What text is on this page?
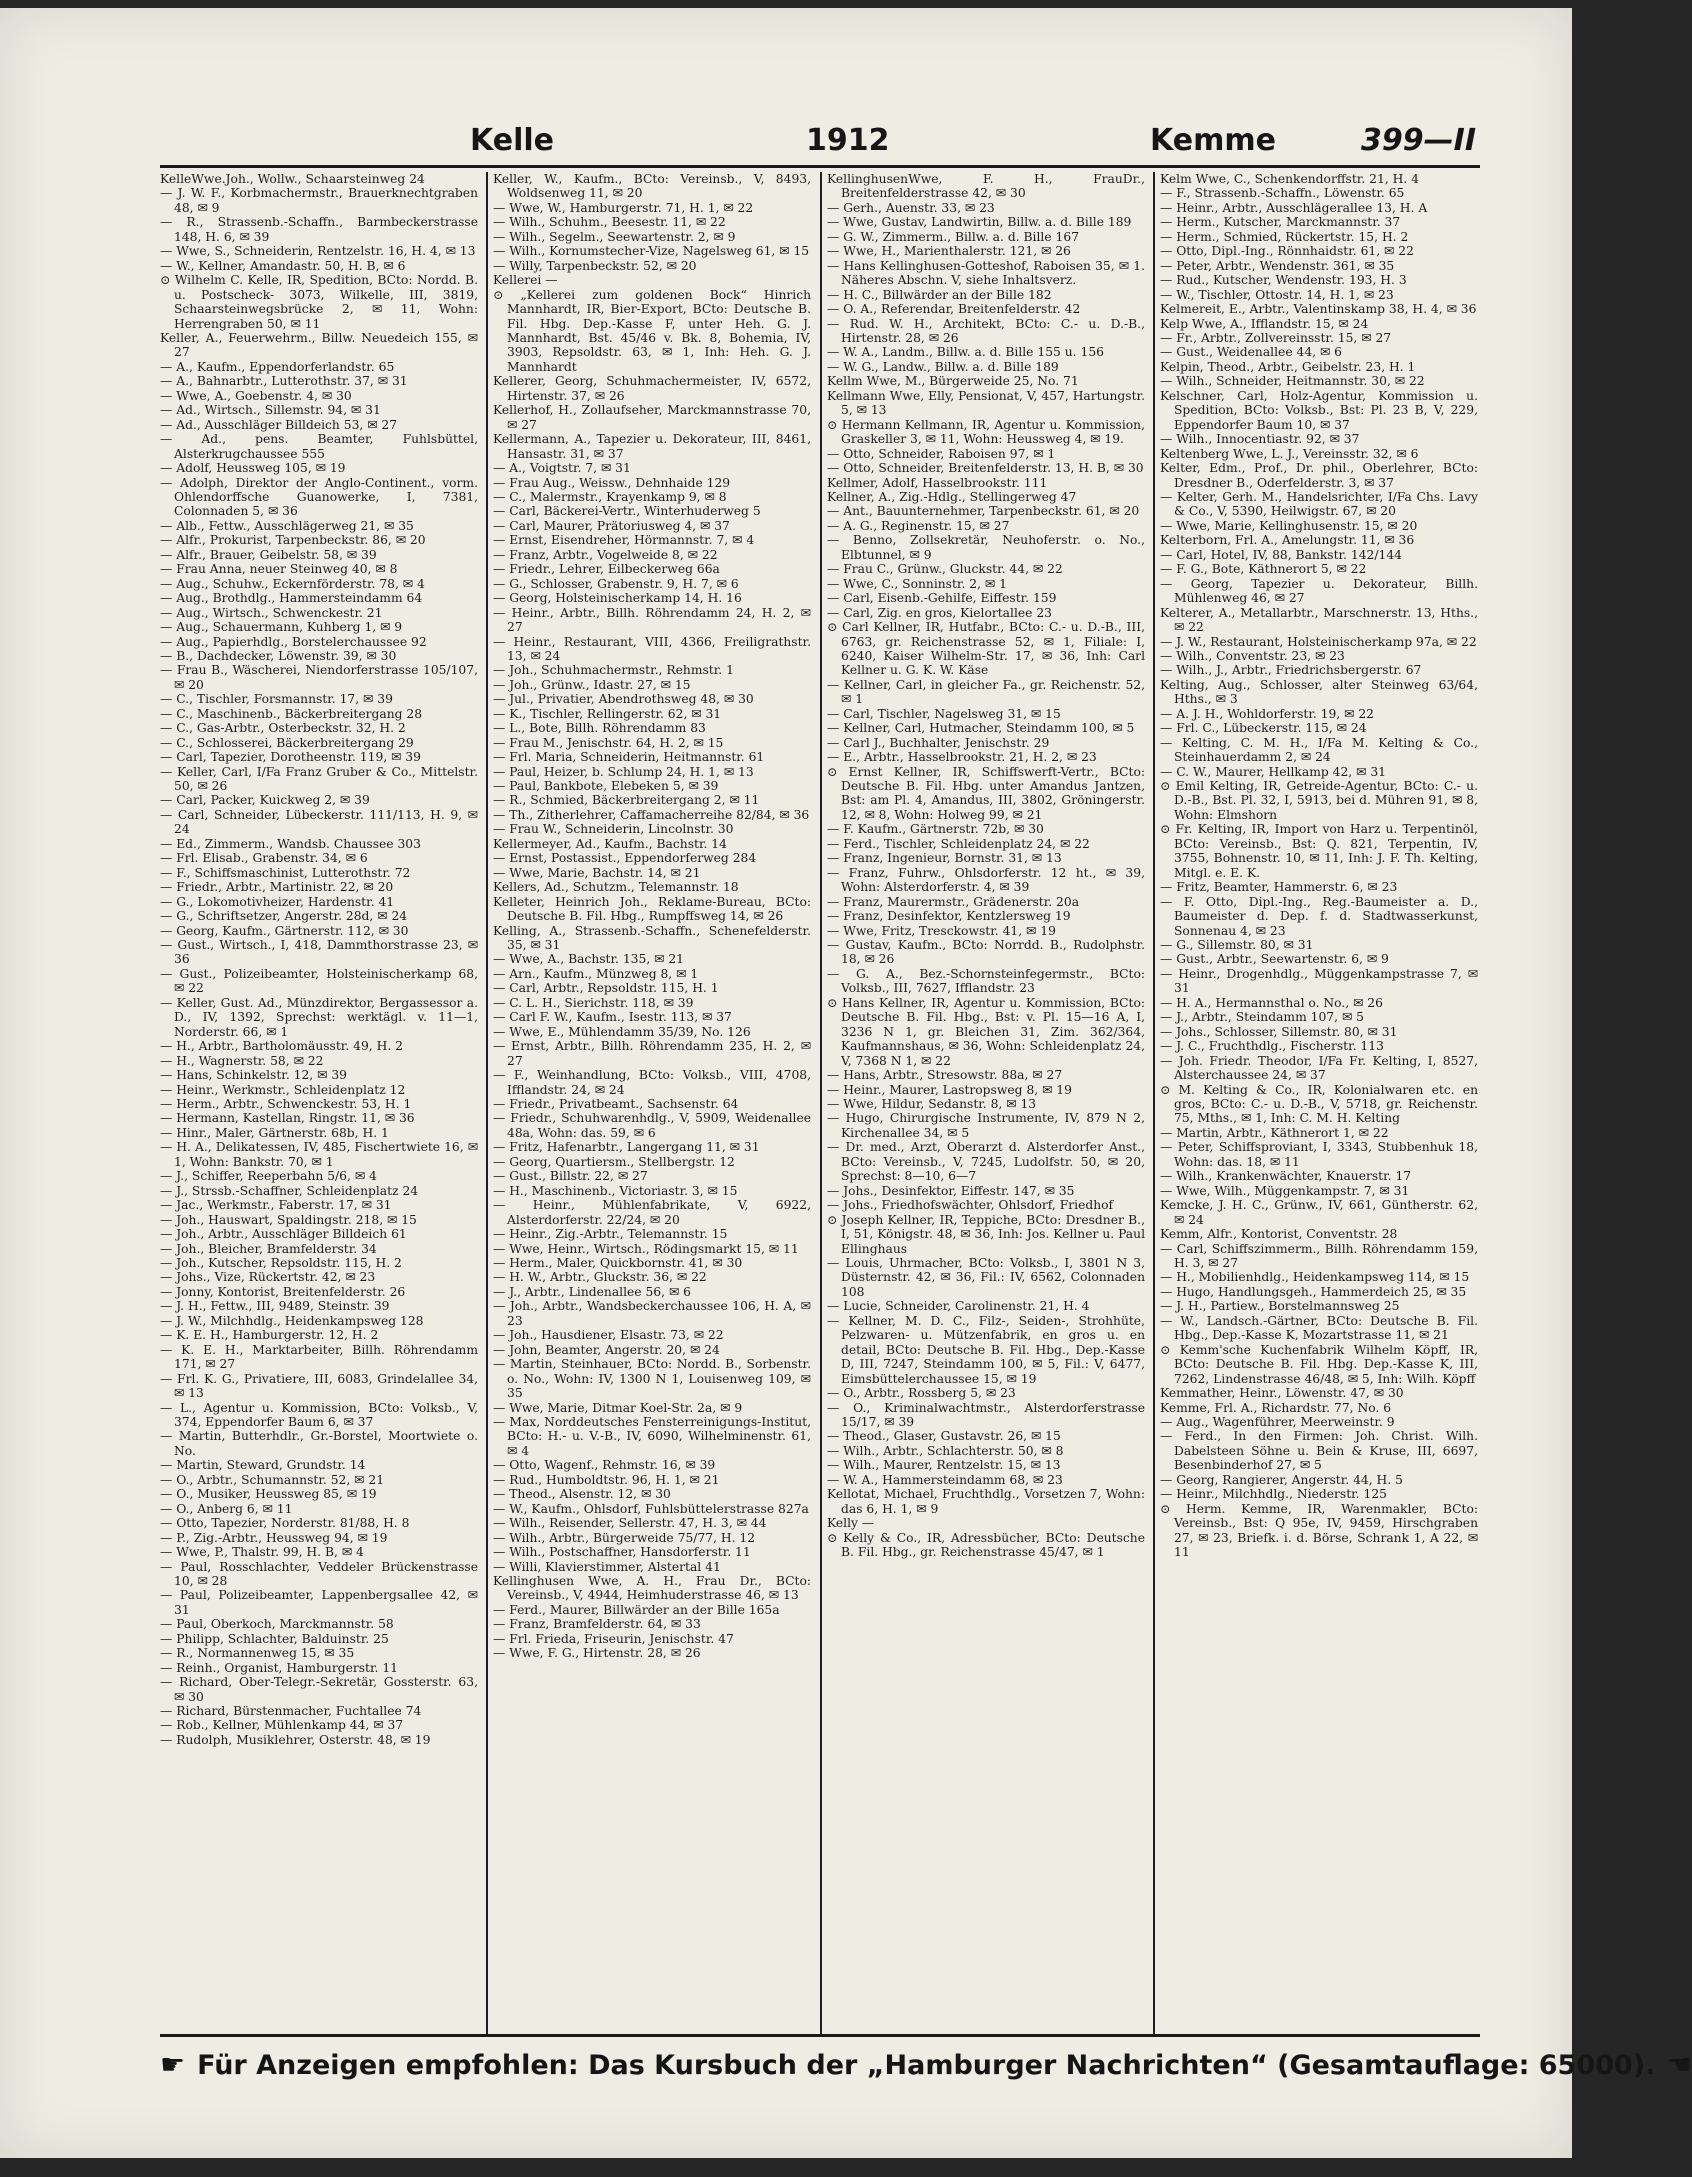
Kelle	1912	Kemme	399—II

KelleWwe.Joh., Wollw., Schaarsteinweg 24

— J. W. F., Korbmachermstr., Brauerknechtgraben 48, ✉ 9

— R., Strassenb.-Schaffn., Barmbeckerstrasse 148, H. 6, ✉ 39

— Wwe, S., Schneiderin, Rentzelstr. 16, H. 4, ✉ 13

— W., Kellner, Amandastr. 50, H. B, ✉ 6

⊙ Wilhelm C. Kelle, IR, Spedition, BCto: Nordd. B. u. Postscheck- 3073, Wilkelle, III, 3819, Schaarsteinwegsbrücke 2, ✉ 11, Wohn: Herrengraben 50, ✉ 11

Keller, A., Feuerwehrm., Billw. Neuedeich 155, ✉ 27

— A., Kaufm., Eppendorferlandstr. 65

— A., Bahnarbtr., Lutterothstr. 37, ✉ 31

— Wwe, A., Goebenstr. 4, ✉ 30

— Ad., Wirtsch., Sillemstr. 94, ✉ 31

— Ad., Ausschläger Billdeich 53, ✉ 27

— Ad., pens. Beamter, Fuhlsbüttel, Alsterkrugchaussee 555

— Adolf, Heussweg 105, ✉ 19

— Adolph, Direktor der Anglo-Continent., vorm. Ohlendorffsche Guanowerke, I, 7381, Colonnaden 5, ✉ 36

— Alb., Fettw., Ausschlägerweg 21, ✉ 35

— Alfr., Prokurist, Tarpenbeckstr. 86, ✉ 20

— Alfr., Brauer, Geibelstr. 58, ✉ 39

— Frau Anna, neuer Steinweg 40, ✉ 8

— Aug., Schuhw., Eckernförderstr. 78, ✉ 4

— Aug., Brothdlg., Hammersteindamm 64

— Aug., Wirtsch., Schwenckestr. 21

— Aug., Schauermann, Kuhberg 1, ✉ 9

— Aug., Papierhdlg., Borstelerchaussee 92

— B., Dachdecker, Löwenstr. 39, ✉ 30

— Frau B., Wäscherei, Niendorferstrasse 105/107, ✉ 20

— C., Tischler, Forsmannstr. 17, ✉ 39

— C., Maschinenb., Bäckerbreitergang 28

— C., Gas-Arbtr., Osterbeckstr. 32, H. 2

— C., Schlosserei, Bäckerbreitergang 29

— Carl, Tapezier, Dorotheenstr. 119, ✉ 39

— Keller, Carl, I/Fa Franz Gruber & Co., Mittelstr. 50, ✉ 26

— Carl, Packer, Kuickweg 2, ✉ 39

— Carl, Schneider, Lübeckerstr. 111/113, H. 9, ✉ 24

— Ed., Zimmerm., Wandsb. Chaussee 303

— Frl. Elisab., Grabenstr. 34, ✉ 6

— F., Schiffsmaschinist, Lutterothstr. 72

— Friedr., Arbtr., Martinistr. 22, ✉ 20

— G., Lokomotivheizer, Hardenstr. 41

— G., Schriftsetzer, Angerstr. 28d, ✉ 24

— Georg, Kaufm., Gärtnerstr. 112, ✉ 30

— Gust., Wirtsch., I, 418, Dammthorstrasse 23, ✉ 36

— Gust., Polizeibeamter, Holsteinischerkamp 68, ✉ 22

— Keller, Gust. Ad., Münzdirektor, Bergassessor a. D., IV, 1392, Sprechst: werktägl. v. 11—1, Norderstr. 66, ✉ 1

— H., Arbtr., Bartholomäusstr. 49, H. 2

— H., Wagnerstr. 58, ✉ 22

— Hans, Schinkelstr. 12, ✉ 39

— Heinr., Werkmstr., Schleidenplatz 12

— Herm., Arbtr., Schwenckestr. 53, H. 1

— Hermann, Kastellan, Ringstr. 11, ✉ 36

— Hinr., Maler, Gärtnerstr. 68b, H. 1

— H. A., Delikatessen, IV, 485, Fischertwiete 16, ✉ 1, Wohn: Bankstr. 70, ✉ 1

— J., Schiffer, Reeperbahn 5/6, ✉ 4

— J., Strssb.-Schaffner, Schleidenplatz 24

— Jac., Werkmstr., Faberstr. 17, ✉ 31

— Joh., Hauswart, Spaldingstr. 218, ✉ 15

— Joh., Arbtr., Ausschläger Billdeich 61

— Joh., Bleicher, Bramfelderstr. 34

— Joh., Kutscher, Repsoldstr. 115, H. 2

— Johs., Vize, Rückertstr. 42, ✉ 23

— Jonny, Kontorist, Breitenfelderstr. 26

— J. H., Fettw., III, 9489, Steinstr. 39

— J. W., Milchhdlg., Heidenkampsweg 128

— K. E. H., Hamburgerstr. 12, H. 2

— K. E. H., Marktarbeiter, Billh. Röhrendamm 171, ✉ 27

— Frl. K. G., Privatiere, III, 6083, Grindelallee 34, ✉ 13

— L., Agentur u. Kommission, BCto: Volksb., V, 374, Eppendorfer Baum 6, ✉ 37

— Martin, Butterhdlr., Gr.-Borstel, Moortwiete o. No.

— Martin, Steward, Grundstr. 14

— O., Arbtr., Schumannstr. 52, ✉ 21

— O., Musiker, Heussweg 85, ✉ 19

— O., Anberg 6, ✉ 11

— Otto, Tapezier, Norderstr. 81/88, H. 8

— P., Zig.-Arbtr., Heussweg 94, ✉ 19

— Wwe, P., Thalstr. 99, H. B, ✉ 4

— Paul, Rosschlachter, Veddeler Brückenstrasse 10, ✉ 28

— Paul, Polizeibeamter, Lappenbergsallee 42, ✉ 31

— Paul, Oberkoch, Marckmannstr. 58

— Philipp, Schlachter, Balduinstr. 25

— R., Normannenweg 15, ✉ 35

— Reinh., Organist, Hamburgerstr. 11

— Richard, Ober-Telegr.-Sekretär, Gossterstr. 63, ✉ 30

— Richard, Bürstenmacher, Fuchtallee 74

— Rob., Kellner, Mühlenkamp 44, ✉ 37

— Rudolph, Musiklehrer, Osterstr. 48, ✉ 19

Keller, W., Kaufm., BCto: Vereinsb., V, 8493, Woldsenweg 11, ✉ 20

— Wwe, W., Hamburgerstr. 71, H. 1, ✉ 22

— Wilh., Schuhm., Beesestr. 11, ✉ 22

— Wilh., Segelm., Seewartenstr. 2, ✉ 9

— Wilh., Kornumstecher-Vize, Nagelsweg 61, ✉ 15

— Willy, Tarpenbeckstr. 52, ✉ 20

Kellerei —

⊙ „Kellerei zum goldenen Bock“ Hinrich Mannhardt, IR, Bier-Export, BCto: Deutsche B. Fil. Hbg. Dep.-Kasse F, unter Heh. G. J. Mannhardt, Bst. 45/46 v. Bk. 8, Bohemia, IV, 3903, Repsoldstr. 63, ✉ 1, Inh: Heh. G. J. Mannhardt

Kellerer, Georg, Schuhmachermeister, IV, 6572, Hirtenstr. 37, ✉ 26

Kellerhof, H., Zollaufseher, Marckmannstrasse 70, ✉ 27

Kellermann, A., Tapezier u. Dekorateur, III, 8461, Hansastr. 31, ✉ 37

— A., Voigtstr. 7, ✉ 31

— Frau Aug., Weissw., Dehnhaide 129

— C., Malermstr., Krayenkamp 9, ✉ 8

— Carl, Bäckerei-Vertr., Winterhuderweg 5

— Carl, Maurer, Prätoriusweg 4, ✉ 37

— Ernst, Eisendreher, Hörmannstr. 7, ✉ 4

— Franz, Arbtr., Vogelweide 8, ✉ 22

— Friedr., Lehrer, Eilbeckerweg 66a

— G., Schlosser, Grabenstr. 9, H. 7, ✉ 6

— Georg, Holsteinischerkamp 14, H. 16

— Heinr., Arbtr., Billh. Röhrendamm 24, H. 2, ✉ 27

— Heinr., Restaurant, VIII, 4366, Freiligrathstr. 13, ✉ 24

— Joh., Schuhmachermstr., Rehmstr. 1

— Joh., Grünw., Idastr. 27, ✉ 15

— Jul., Privatier, Abendrothsweg 48, ✉ 30

— K., Tischler, Rellingerstr. 62, ✉ 31

— L., Bote, Billh. Röhrendamm 83

— Frau M., Jenischstr. 64, H. 2, ✉ 15

— Frl. Maria, Schneiderin, Heitmannstr. 61

— Paul, Heizer, b. Schlump 24, H. 1, ✉ 13

— Paul, Bankbote, Elebeken 5, ✉ 39

— R., Schmied, Bäckerbreitergang 2, ✉ 11

— Th., Zitherlehrer, Caffamacherreihe 82/84, ✉ 36

— Frau W., Schneiderin, Lincolnstr. 30

Kellermeyer, Ad., Kaufm., Bachstr. 14

— Ernst, Postassist., Eppendorferweg 284

— Wwe, Marie, Bachstr. 14, ✉ 21

Kellers, Ad., Schutzm., Telemannstr. 18

Kelleter, Heinrich Joh., Reklame-Bureau, BCto: Deutsche B. Fil. Hbg., Rumpffsweg 14, ✉ 26

Kelling, A., Strassenb.-Schaffn., Schenefelderstr. 35, ✉ 31

— Wwe, A., Bachstr. 135, ✉ 21

— Arn., Kaufm., Münzweg 8, ✉ 1

— Carl, Arbtr., Repsoldstr. 115, H. 1

— C. L. H., Sierichstr. 118, ✉ 39

— Carl F. W., Kaufm., Isestr. 113, ✉ 37

— Wwe, E., Mühlendamm 35/39, No. 126

— Ernst, Arbtr., Billh. Röhrendamm 235, H. 2, ✉ 27

— F., Weinhandlung, BCto: Volksb., VIII, 4708, Ifflandstr. 24, ✉ 24

— Friedr., Privatbeamt., Sachsenstr. 64

— Friedr., Schuhwarenhdlg., V, 5909, Weidenallee 48a, Wohn: das. 59, ✉ 6

— Fritz, Hafenarbtr., Langergang 11, ✉ 31

— Georg, Quartiersm., Stellbergstr. 12

— Gust., Billstr. 22, ✉ 27

— H., Maschinenb., Victoriastr. 3, ✉ 15

— Heinr., Mühlenfabrikate, V, 6922, Alsterdorferstr. 22/24, ✉ 20

— Heinr., Zig.-Arbtr., Telemannstr. 15

— Wwe, Heinr., Wirtsch., Rödingsmarkt 15, ✉ 11

— Herm., Maler, Quickbornstr. 41, ✉ 30

— H. W., Arbtr., Gluckstr. 36, ✉ 22

— J., Arbtr., Lindenallee 56, ✉ 6

— Joh., Arbtr., Wandsbeckerchaussee 106, H. A, ✉ 23

— Joh., Hausdiener, Elsastr. 73, ✉ 22

— John, Beamter, Angerstr. 20, ✉ 24

— Martin, Steinhauer, BCto: Nordd. B., Sorbenstr. o. No., Wohn: IV, 1300 N 1, Louisenweg 109, ✉ 35

— Wwe, Marie, Ditmar Koel-Str. 2a, ✉ 9

— Max, Norddeutsches Fensterreinigungs-Institut, BCto: H.- u. V.-B., IV, 6090, Wilhelminenstr. 61, ✉ 4

— Otto, Wagenf., Rehmstr. 16, ✉ 39

— Rud., Humboldtstr. 96, H. 1, ✉ 21

— Theod., Alsenstr. 12, ✉ 30

— W., Kaufm., Ohlsdorf, Fuhlsbüttelerstrasse 827a

— Wilh., Reisender, Sellerstr. 47, H. 3, ✉ 44

— Wilh., Arbtr., Bürgerweide 75/77, H. 12

— Wilh., Postschaffner, Hansdorferstr. 11

— Willi, Klavierstimmer, Alstertal 41

Kellinghusen Wwe, A. H., Frau Dr., BCto: Vereinsb., V, 4944, Heimhuderstrasse 46, ✉ 13

— Ferd., Maurer, Billwärder an der Bille 165a

— Franz, Bramfelderstr. 64, ✉ 33

— Frl. Frieda, Friseurin, Jenischstr. 47

— Wwe, F. G., Hirtenstr. 28, ✉ 26

KellinghusenWwe, F. H., FrauDr., Breitenfelderstrasse 42, ✉ 30

— Gerh., Auenstr. 33, ✉ 23

— Wwe, Gustav, Landwirtin, Billw. a. d. Bille 189

— G. W., Zimmerm., Billw. a. d. Bille 167

— Wwe, H., Marienthalerstr. 121, ✉ 26

— Hans Kellinghusen-Gotteshof, Raboisen 35, ✉ 1. Näheres Abschn. V, siehe Inhaltsverz.

— H. C., Billwärder an der Bille 182

— O. A., Referendar, Breitenfelderstr. 42

— Rud. W. H., Architekt, BCto: C.- u. D.-B., Hirtenstr. 28, ✉ 26

— W. A., Landm., Billw. a. d. Bille 155 u. 156

— W. G., Landw., Billw. a. d. Bille 189

Kellm Wwe, M., Bürgerweide 25, No. 71

Kellmann Wwe, Elly, Pensionat, V, 457, Hartungstr. 5, ✉ 13

⊙ Hermann Kellmann, IR, Agentur u. Kommission, Graskeller 3, ✉ 11, Wohn: Heussweg 4, ✉ 19.

— Otto, Schneider, Raboisen 97, ✉ 1

— Otto, Schneider, Breitenfelderstr. 13, H. B, ✉ 30

Kellmer, Adolf, Hasselbrookstr. 111

Kellner, A., Zig.-Hdlg., Stellingerweg 47

— Ant., Bauunternehmer, Tarpenbeckstr. 61, ✉ 20

— A. G., Reginenstr. 15, ✉ 27

— Benno, Zollsekretär, Neuhoferstr. o. No., Elbtunnel, ✉ 9

— Frau C., Grünw., Gluckstr. 44, ✉ 22

— Wwe, C., Sonninstr. 2, ✉ 1

— Carl, Eisenb.-Gehilfe, Eiffestr. 159

— Carl, Zig. en gros, Kielortallee 23

⊙ Carl Kellner, IR, Hutfabr., BCto: C.- u. D.-B., III, 6763, gr. Reichenstrasse 52, ✉ 1, Filiale: I, 6240, Kaiser Wilhelm-Str. 17, ✉ 36, Inh: Carl Kellner u. G. K. W. Käse

— Kellner, Carl, in gleicher Fa., gr. Reichenstr. 52, ✉ 1

— Carl, Tischler, Nagelsweg 31, ✉ 15

— Kellner, Carl, Hutmacher, Steindamm 100, ✉ 5

— Carl J., Buchhalter, Jenischstr. 29

— E., Arbtr., Hasselbrookstr. 21, H. 2, ✉ 23

⊙ Ernst Kellner, IR, Schiffswerft-Vertr., BCto: Deutsche B. Fil. Hbg. unter Amandus Jantzen, Bst: am Pl. 4, Amandus, III, 3802, Gröningerstr. 12, ✉ 8, Wohn: Holweg 99, ✉ 21

— F. Kaufm., Gärtnerstr. 72b, ✉ 30

— Ferd., Tischler, Schleidenplatz 24, ✉ 22

— Franz, Ingenieur, Bornstr. 31, ✉ 13

— Franz, Fuhrw., Ohlsdorferstr. 12 ht., ✉ 39, Wohn: Alsterdorferstr. 4, ✉ 39

— Franz, Maurermstr., Grädenerstr. 20a

— Franz, Desinfektor, Kentzlersweg 19

— Wwe, Fritz, Tresckowstr. 41, ✉ 19

— Gustav, Kaufm., BCto: Norrdd. B., Rudolphstr. 18, ✉ 26

— G. A., Bez.-Schornsteinfegermstr., BCto: Volksb., III, 7627, Ifflandstr. 23

⊙ Hans Kellner, IR, Agentur u. Kommission, BCto: Deutsche B. Fil. Hbg., Bst: v. Pl. 15—16 A, I, 3236 N 1, gr. Bleichen 31, Zim. 362/364, Kaufmannshaus, ✉ 36, Wohn: Schleidenplatz 24, V, 7368 N 1, ✉ 22

— Hans, Arbtr., Stresowstr. 88a, ✉ 27

— Heinr., Maurer, Lastropsweg 8, ✉ 19

— Wwe, Hildur, Sedanstr. 8, ✉ 13

— Hugo, Chirurgische Instrumente, IV, 879 N 2, Kirchenallee 34, ✉ 5

— Dr. med., Arzt, Oberarzt d. Alsterdorfer Anst., BCto: Vereinsb., V, 7245, Ludolfstr. 50, ✉ 20, Sprechst: 8—10, 6—7

— Johs., Desinfektor, Eiffestr. 147, ✉ 35

— Johs., Friedhofswächter, Ohlsdorf, Friedhof

⊙ Joseph Kellner, IR, Teppiche, BCto: Dresdner B., I, 51, Königstr. 48, ✉ 36, Inh: Jos. Kellner u. Paul Ellinghaus

— Louis, Uhrmacher, BCto: Volksb., I, 3801 N 3, Düsternstr. 42, ✉ 36, Fil.: IV, 6562, Colonnaden 108

— Lucie, Schneider, Carolinenstr. 21, H. 4

— Kellner, M. D. C., Filz-, Seiden-, Strohhüte, Pelzwaren- u. Mützenfabrik, en gros u. en detail, BCto: Deutsche B. Fil. Hbg., Dep.-Kasse D, III, 7247, Steindamm 100, ✉ 5, Fil.: V, 6477, Eimsbüttelerchaussee 15, ✉ 19

— O., Arbtr., Rossberg 5, ✉ 23

— O., Kriminalwachtmstr., Alsterdorferstrasse 15/17, ✉ 39

— Theod., Glaser, Gustavstr. 26, ✉ 15

— Wilh., Arbtr., Schlachterstr. 50, ✉ 8

— Wilh., Maurer, Rentzelstr. 15, ✉ 13

— W. A., Hammersteindamm 68, ✉ 23

Kellotat, Michael, Fruchthdlg., Vorsetzen 7, Wohn: das 6, H. 1, ✉ 9

Kelly —

⊙ Kelly & Co., IR, Adressbücher, BCto: Deutsche B. Fil. Hbg., gr. Reichenstrasse 45/47, ✉ 1

Kelm Wwe, C., Schenkendorffstr. 21, H. 4

— F., Strassenb.-Schaffn., Löwenstr. 65

— Heinr., Arbtr., Ausschlägerallee 13, H. A

— Herm., Kutscher, Marckmannstr. 37

— Herm., Schmied, Rückertstr. 15, H. 2

— Otto, Dipl.-Ing., Rönnhaidstr. 61, ✉ 22

— Peter, Arbtr., Wendenstr. 361, ✉ 35

— Rud., Kutscher, Wendenstr. 193, H. 3

— W., Tischler, Ottostr. 14, H. 1, ✉ 23

Kelmereit, E., Arbtr., Valentinskamp 38, H. 4, ✉ 36

Kelp Wwe, A., Ifflandstr. 15, ✉ 24

— Fr., Arbtr., Zollvereinsstr. 15, ✉ 27

— Gust., Weidenallee 44, ✉ 6

Kelpin, Theod., Arbtr., Geibelstr. 23, H. 1

— Wilh., Schneider, Heitmannstr. 30, ✉ 22

Kelschner, Carl, Holz-Agentur, Kommission u. Spedition, BCto: Volksb., Bst: Pl. 23 B, V, 229, Eppendorfer Baum 10, ✉ 37

— Wilh., Innocentiastr. 92, ✉ 37

Keltenberg Wwe, L. J., Vereinsstr. 32, ✉ 6

Kelter, Edm., Prof., Dr. phil., Oberlehrer, BCto: Dresdner B., Oderfelderstr. 3, ✉ 37

— Kelter, Gerh. M., Handelsrichter, I/Fa Chs. Lavy & Co., V, 5390, Heilwigstr. 67, ✉ 20

— Wwe, Marie, Kellinghusenstr. 15, ✉ 20

Kelterborn, Frl. A., Amelungstr. 11, ✉ 36

— Carl, Hotel, IV, 88, Bankstr. 142/144

— F. G., Bote, Käthnerort 5, ✉ 22

— Georg, Tapezier u. Dekorateur, Billh. Mühlenweg 46, ✉ 27

Kelterer, A., Metallarbtr., Marschnerstr. 13, Hths., ✉ 22

— J. W., Restaurant, Holsteinischerkamp 97a, ✉ 22

— Wilh., Conventstr. 23, ✉ 23

— Wilh., J., Arbtr., Friedrichsbergerstr. 67

Kelting, Aug., Schlosser, alter Steinweg 63/64, Hths., ✉ 3

— A. J. H., Wohldorferstr. 19, ✉ 22

— Frl. C., Lübeckerstr. 115, ✉ 24

— Kelting, C. M. H., I/Fa M. Kelting & Co., Steinhauerdamm 2, ✉ 24

— C. W., Maurer, Hellkamp 42, ✉ 31

⊙ Emil Kelting, IR, Getreide-Agentur, BCto: C.- u. D.-B., Bst. Pl. 32, I, 5913, bei d. Mühren 91, ✉ 8, Wohn: Elmshorn

⊙ Fr. Kelting, IR, Import von Harz u. Terpentinöl, BCto: Vereinsb., Bst: Q. 821, Terpentin, IV, 3755, Bohnenstr. 10, ✉ 11, Inh: J. F. Th. Kelting, Mitgl. e. E. K.

— Fritz, Beamter, Hammerstr. 6, ✉ 23

— F. Otto, Dipl.-Ing., Reg.-Baumeister a. D., Baumeister d. Dep. f. d. Stadtwasserkunst, Sonnenau 4, ✉ 23

— G., Sillemstr. 80, ✉ 31

— Gust., Arbtr., Seewartenstr. 6, ✉ 9

— Heinr., Drogenhdlg., Müggenkampstrasse 7, ✉ 31

— H. A., Hermannsthal o. No., ✉ 26

— J., Arbtr., Steindamm 107, ✉ 5

— Johs., Schlosser, Sillemstr. 80, ✉ 31

— J. C., Fruchthdlg., Fischerstr. 113

— Joh. Friedr. Theodor, I/Fa Fr. Kelting, I, 8527, Alsterchaussee 24, ✉ 37

⊙ M. Kelting & Co., IR, Kolonialwaren etc. en gros, BCto: C.- u. D.-B., V, 5718, gr. Reichenstr. 75, Mths., ✉ 1, Inh: C. M. H. Kelting

— Martin, Arbtr., Käthnerort 1, ✉ 22

— Peter, Schiffsproviant, I, 3343, Stubbenhuk 18, Wohn: das. 18, ✉ 11

— Wilh., Krankenwächter, Knauerstr. 17

— Wwe, Wilh., Müggenkampstr. 7, ✉ 31

Kemcke, J. H. C., Grünw., IV, 661, Güntherstr. 62, ✉ 24

Kemm, Alfr., Kontorist, Conventstr. 28

— Carl, Schiffszimmerm., Billh. Röhrendamm 159, H. 3, ✉ 27

— H., Mobilienhdlg., Heidenkampsweg 114, ✉ 15

— Hugo, Handlungsgeh., Hammerdeich 25, ✉ 35

— J. H., Partiew., Borstelmannsweg 25

— W., Landsch.-Gärtner, BCto: Deutsche B. Fil. Hbg., Dep.-Kasse K, Mozartstrasse 11, ✉ 21

⊙ Kemm'sche Kuchenfabrik Wilhelm Köpff, IR, BCto: Deutsche B. Fil. Hbg. Dep.-Kasse K, III, 7262, Lindenstrasse 46/48, ✉ 5, Inh: Wilh. Köpff

Kemmather, Heinr., Löwenstr. 47, ✉ 30

Kemme, Frl. A., Richardstr. 77, No. 6

— Aug., Wagenführer, Meerweinstr. 9

— Ferd., In den Firmen: Joh. Christ. Wilh. Dabelsteen Söhne u. Bein & Kruse, III, 6697, Besenbinderhof 27, ✉ 5

— Georg, Rangierer, Angerstr. 44, H. 5

— Heinr., Milchhdlg., Niederstr. 125

⊙ Herm. Kemme, IR, Warenmakler, BCto: Vereinsb., Bst: Q 95e, IV, 9459, Hirschgraben 27, ✉ 23, Briefk. i. d. Börse, Schrank 1, A 22, ✉ 11

☛ Für Anzeigen empfohlen: Das Kursbuch der „Hamburger Nachrichten“ (Gesamtauflage: 65000). ☛
